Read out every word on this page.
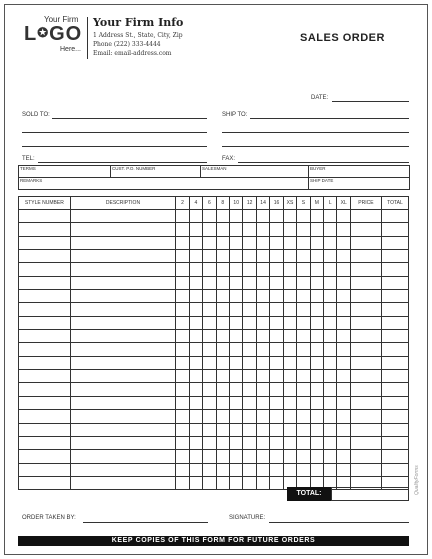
Your Firm
L✪GO
Here...
Your Firm Info
1 Address St., State, City, Zip
Phone (222) 333-4444
Email: email-address.com
SALES ORDER
DATE:
SOLD TO:	SHIP TO:
TEL:	FAX:
TERMS	CUST. P.O. NUMBER	SALESMAN	BUYER
REMARKS			SHIP DATE
STYLE NUMBER	DESCRIPTION	2	4	6	8	10	12	14	16	XS	S	M	L	XL	PRICE	TOTAL

TOTAL:
ORDER TAKEN BY:	SIGNATURE:
KEEP COPIES OF THIS FORM FOR FUTURE ORDERS
QualityForms
